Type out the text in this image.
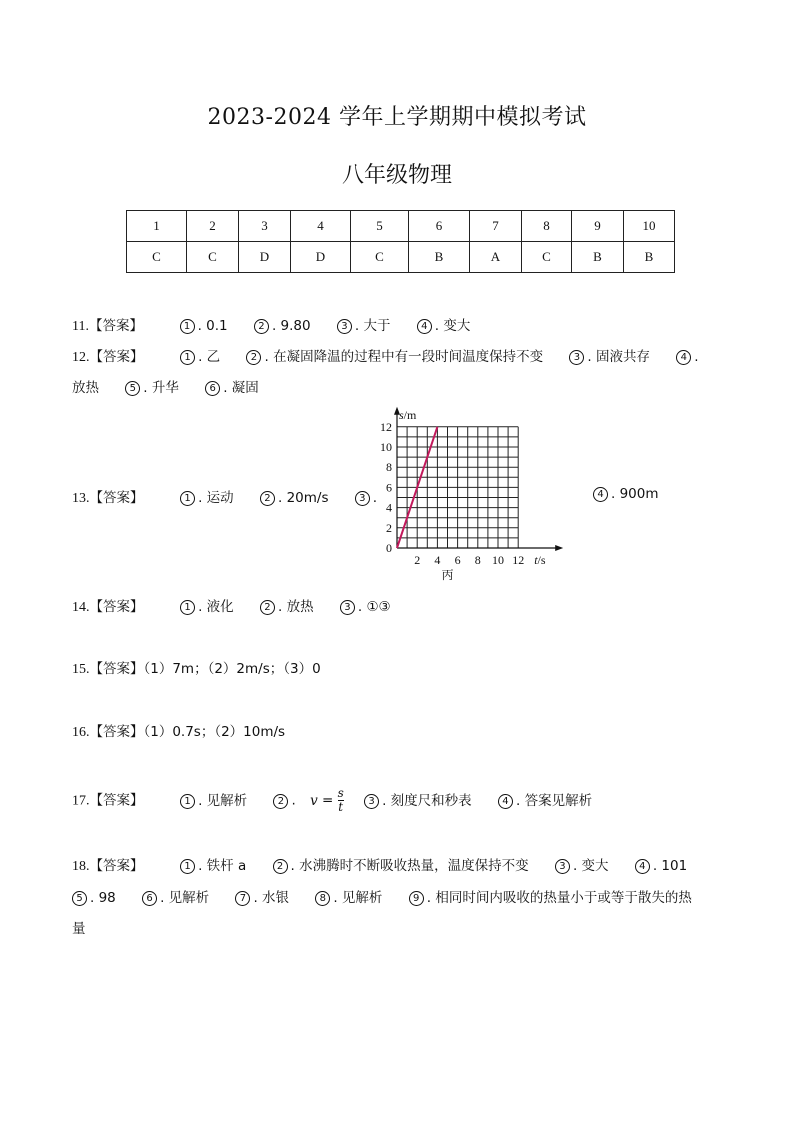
2023-2024 学年上学期期中模拟考试
八年级物理
1	2	3	4	5	6	7	8	9	10
C	C	D	D	C	B	A	C	B	B
11.【答案】	1 . 0.1	2 . 9.80	3 . 大于	4 . 变大
12.【答案】	1 . 乙	2 . 在凝固降温的过程中有一段时间温度保持不变	3 . 固液共存	4 .
放热	5 . 升华	6 . 凝固
13.【答案】	1 . 运动	2 . 20m/s	3 .	4 . 900m
12
10
8
6
4
2
0
2 4 6 8 10 12
s/m
t/s
丙
14.【答案】	1 . 液化	2 . 放热	3 . ①③
15.【答案】（1）7m；（2）2m/s；（3）0
16.【答案】（1）0.7s；（2）10m/s
17.【答案】	1 . 见解析	2 . $v = \frac{s}{t} 3$ . 刻度尺和秒表	4 . 答案见解析
18.【答案】	1 . 铁杆 a	2 . 水沸腾时不断吸收热量，温度保持不变	3 . 变大	4 . 101
5 . 98	6 . 见解析	7 . 水银	8 . 见解析	9 . 相同时间内吸收的热量小于或等于散失的热
量
